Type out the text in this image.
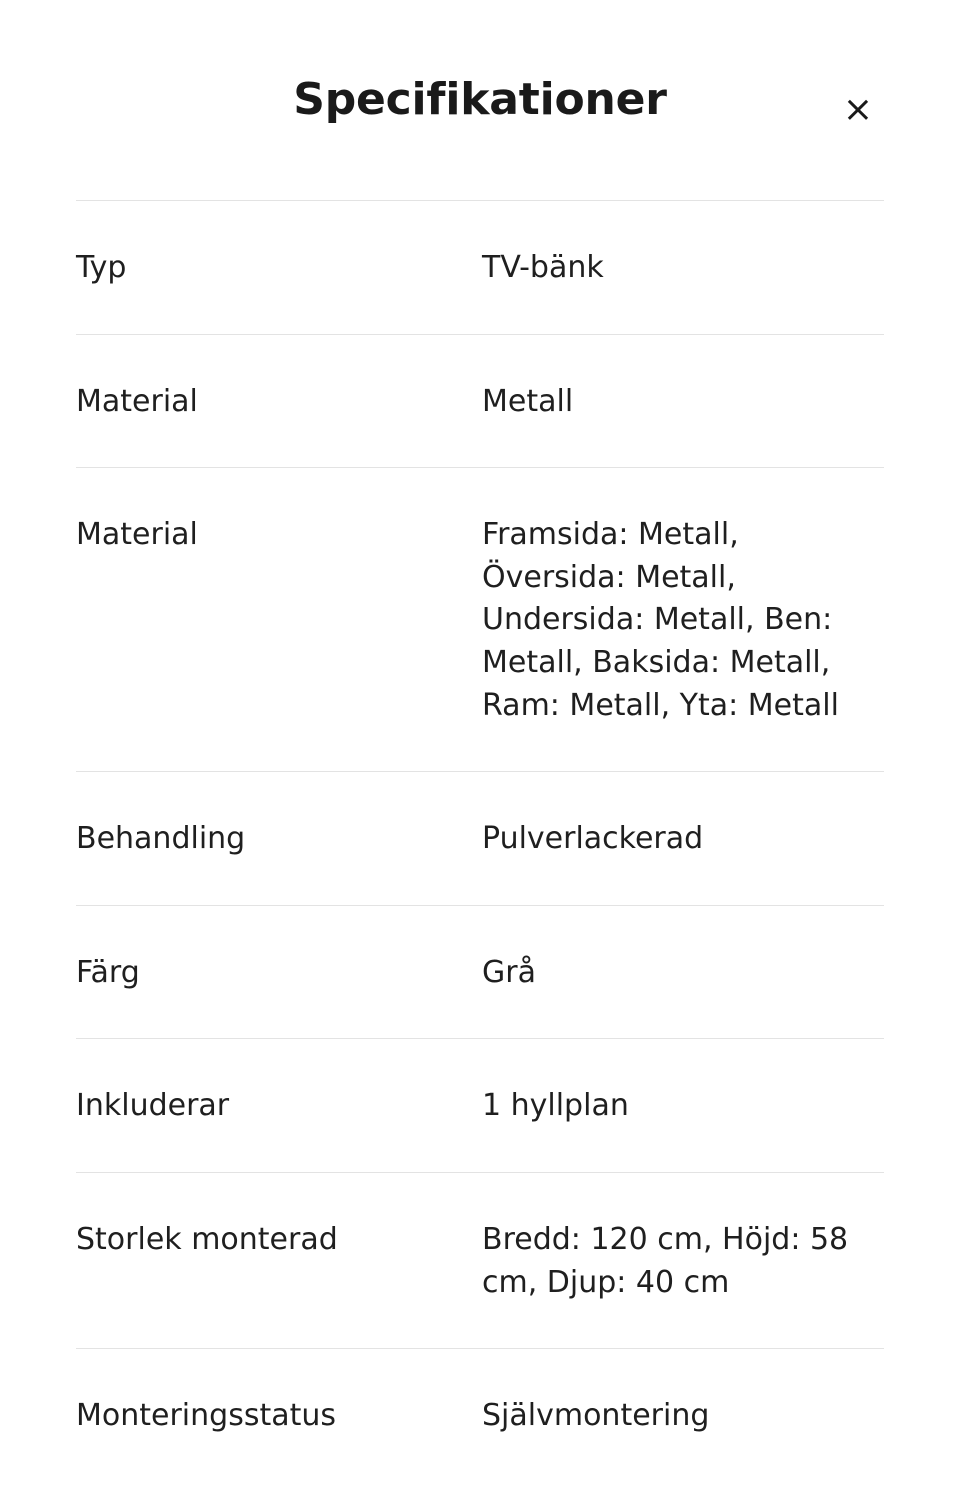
Specifikationer	×
Typ	TV-bänk
Material	Metall
Material	Framsida: Metall, Översida: Metall, Undersida: Metall, Ben: Metall, Baksida: Metall, Ram: Metall, Yta: Metall
Behandling	Pulverlackerad
Färg	Grå
Inkluderar	1 hyllplan
Storlek monterad	Bredd: 120 cm, Höjd: 58 cm, Djup: 40 cm
Monteringsstatus	Självmontering
